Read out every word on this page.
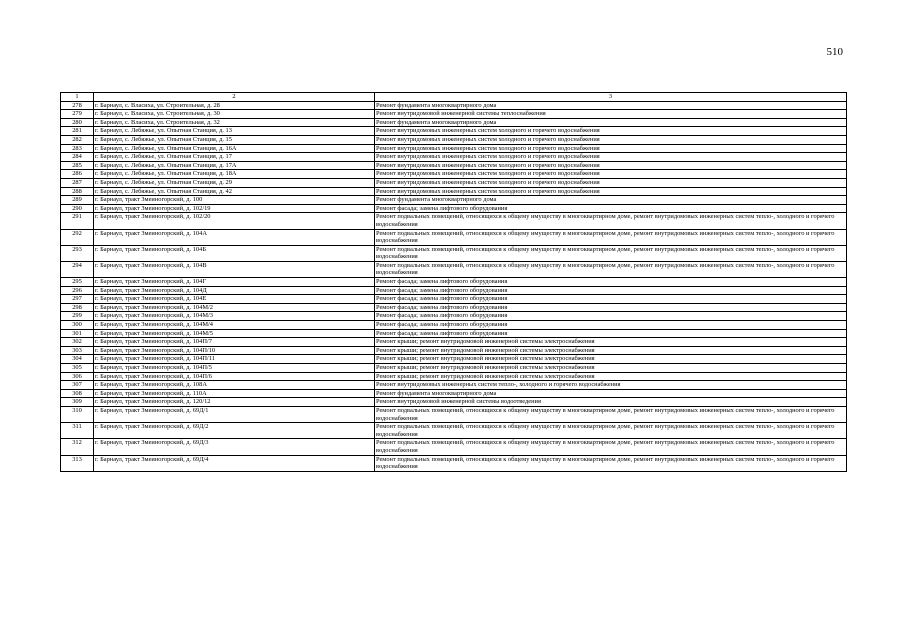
510
1	2	3
278	г. Барнаул, с. Власиха, ул. Строительная, д. 28	Ремонт фундамента многоквартирного дома
279	г. Барнаул, с. Власиха, ул. Строительная, д. 30	Ремонт внутридомовой инженерной системы теплоснабжения
280	г. Барнаул, с. Власиха, ул. Строительная, д. 32	Ремонт фундамента многоквартирного дома
281	г. Барнаул, с. Лебяжье, ул. Опытная Станция, д. 13	Ремонт внутридомовых инженерных систем холодного и горячего водоснабжения
282	г. Барнаул, с. Лебяжье, ул. Опытная Станция, д. 15	Ремонт внутридомовых инженерных систем холодного и горячего водоснабжения
283	г. Барнаул, с. Лебяжье, ул. Опытная Станция, д. 16А	Ремонт внутридомовых инженерных систем холодного и горячего водоснабжения
284	г. Барнаул, с. Лебяжье, ул. Опытная Станция, д. 17	Ремонт внутридомовых инженерных систем холодного и горячего водоснабжения
285	г. Барнаул, с. Лебяжье, ул. Опытная Станция, д. 17А	Ремонт внутридомовых инженерных систем холодного и горячего водоснабжения
286	г. Барнаул, с. Лебяжье, ул. Опытная Станция, д. 18А	Ремонт внутридомовых инженерных систем холодного и горячего водоснабжения
287	г. Барнаул, с. Лебяжье, ул. Опытная Станция, д. 29	Ремонт внутридомовых инженерных систем холодного и горячего водоснабжения
288	г. Барнаул, с. Лебяжье, ул. Опытная Станция, д. 42	Ремонт внутридомовых инженерных систем холодного и горячего водоснабжения
289	г. Барнаул, тракт Змеиногорский, д. 100	Ремонт фундамента многоквартирного дома
290	г. Барнаул, тракт Змеиногорский, д. 102/19	Ремонт фасада; замена лифтового оборудования
291	г. Барнаул, тракт Змеиногорский, д. 102/20	Ремонт подвальных помещений, относящихся к общему имуществу в многоквартирном доме, ремонт внутридомовых инженерных систем тепло-, холодного и горячего водоснабжения
292	г. Барнаул, тракт Змеиногорский, д. 104А	Ремонт подвальных помещений, относящихся к общему имуществу в многоквартирном доме, ремонт внутридомовых инженерных систем тепло-, холодного и горячего водоснабжения
293	г. Барнаул, тракт Змеиногорский, д. 104Б	Ремонт подвальных помещений, относящихся к общему имуществу в многоквартирном доме, ремонт внутридомовых инженерных систем тепло-, холодного и горячего водоснабжения
294	г. Барнаул, тракт Змеиногорский, д. 104В	Ремонт подвальных помещений, относящихся к общему имуществу в многоквартирном доме, ремонт внутридомовых инженерных систем тепло-, холодного и горячего водоснабжения
295	г. Барнаул, тракт Змеиногорский, д. 104Г	Ремонт фасада; замена лифтового оборудования
296	г. Барнаул, тракт Змеиногорский, д. 104Д	Ремонт фасада; замена лифтового оборудования
297	г. Барнаул, тракт Змеиногорский, д. 104Е	Ремонт фасада; замена лифтового оборудования
298	г. Барнаул, тракт Змеиногорский, д. 104М/2	Ремонт фасада; замена лифтового оборудования
299	г. Барнаул, тракт Змеиногорский, д. 104М/3	Ремонт фасада; замена лифтового оборудования
300	г. Барнаул, тракт Змеиногорский, д. 104М/4	Ремонт фасада; замена лифтового оборудования
301	г. Барнаул, тракт Змеиногорский, д. 104М/5	Ремонт фасада; замена лифтового оборудования
302	г. Барнаул, тракт Змеиногорский, д. 104П/7	Ремонт крыши; ремонт внутридомовой инженерной системы электроснабжения
303	г. Барнаул, тракт Змеиногорский, д. 104П/10	Ремонт крыши; ремонт внутридомовой инженерной системы электроснабжения
304	г. Барнаул, тракт Змеиногорский, д. 104П/11	Ремонт крыши; ремонт внутридомовой инженерной системы электроснабжения
305	г. Барнаул, тракт Змеиногорский, д. 104П/5	Ремонт крыши; ремонт внутридомовой инженерной системы электроснабжения
306	г. Барнаул, тракт Змеиногорский, д. 104П/6	Ремонт крыши; ремонт внутридомовой инженерной системы электроснабжения
307	г. Барнаул, тракт Змеиногорский, д. 108А	Ремонт внутридомовых инженерных систем тепло-, холодного и горячего водоснабжения
308	г. Барнаул, тракт Змеиногорский, д. 110А	Ремонт фундамента многоквартирного дома
309	г. Барнаул, тракт Змеиногорский, д. 120/12	Ремонт внутридомовой инженерной системы водоотведения
310	г. Барнаул, тракт Змеиногорский, д. 69Д/1	Ремонт подвальных помещений, относящихся к общему имуществу в многоквартирном доме, ремонт внутридомовых инженерных систем тепло-, холодного и горячего водоснабжения
311	г. Барнаул, тракт Змеиногорский, д. 69Д/2	Ремонт подвальных помещений, относящихся к общему имуществу в многоквартирном доме, ремонт внутридомовых инженерных систем тепло-, холодного и горячего водоснабжения
312	г. Барнаул, тракт Змеиногорский, д. 69Д/3	Ремонт подвальных помещений, относящихся к общему имуществу в многоквартирном доме, ремонт внутридомовых инженерных систем тепло-, холодного и горячего водоснабжения
313	г. Барнаул, тракт Змеиногорский, д. 69Д/4	Ремонт подвальных помещений, относящихся к общему имуществу в многоквартирном доме, ремонт внутридомовых инженерных систем тепло-, холодного и горячего водоснабжения
